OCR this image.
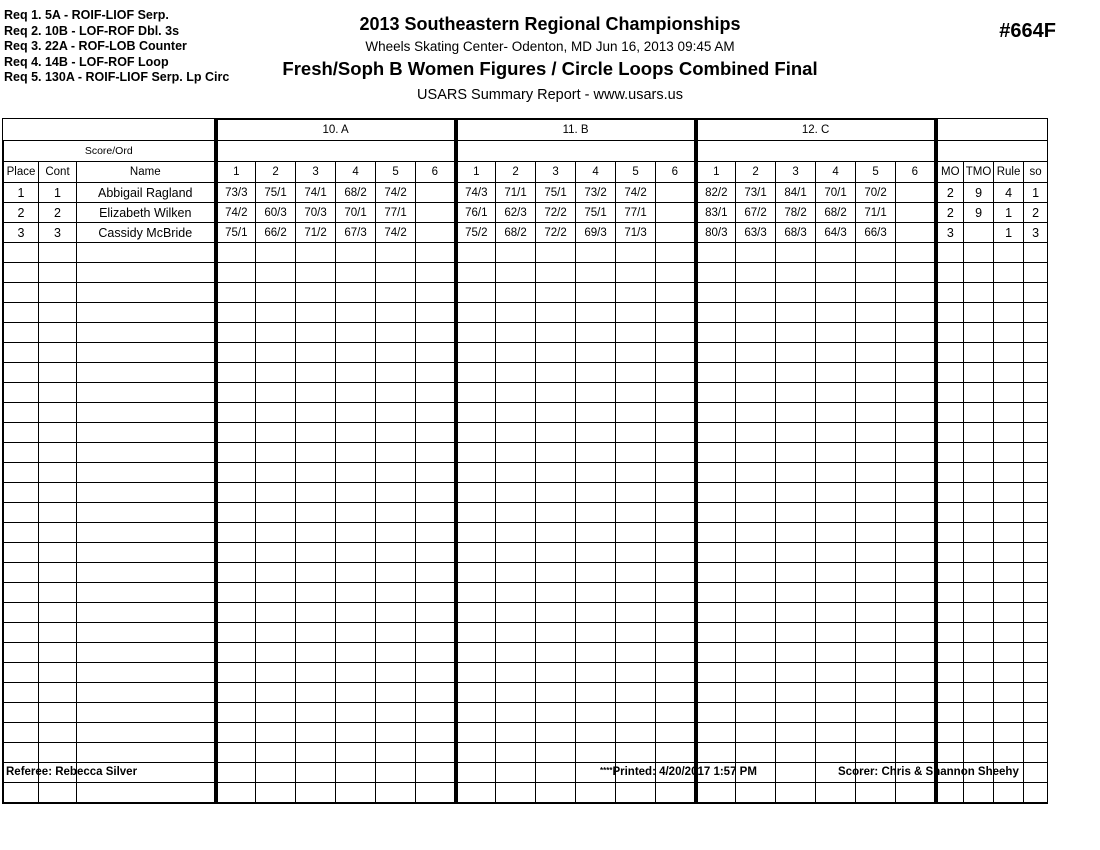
Req 1. 5A - ROIF-LIOF Serp.
Req 2. 10B - LOF-ROF Dbl. 3s
Req 3. 22A - ROF-LOB Counter
Req 4. 14B - LOF-ROF Loop
Req 5. 130A - ROIF-LIOF Serp. Lp Circ
2013 Southeastern Regional Championships
Wheels Skating Center- Odenton, MD Jun 16, 2013 09:45 AM
Fresh/Soph B Women Figures / Circle Loops Combined Final
USARS Summary Report - www.usars.us
#664F
			10. A						11. B						12. C									
Score/Ord																								
Place	Cont	Name	1	2	3	4	5	6	1	2	3	4	5	6	1	2	3	4	5	6	MO	TMO	Rule	so
1	1	Abbigail Ragland	73/3	75/1	74/1	68/2	74/2		74/3	71/1	75/1	73/2	74/2		82/2	73/1	84/1	70/1	70/2		2	9	4	1
2	2	Elizabeth Wilken	74/2	60/3	70/3	70/1	77/1		76/1	62/3	72/2	75/1	77/1		83/1	67/2	78/2	68/2	71/1		2	9	1	2
3	3	Cassidy McBride	75/1	66/2	71/2	67/3	74/2		75/2	68/2	72/2	69/3	71/3		80/3	63/3	68/3	64/3	66/3		3		1	3

Referee: Rebecca Silver	****Printed: 4/20/2017 1:57 PM	Scorer: Chris & Shannon Sheehy
